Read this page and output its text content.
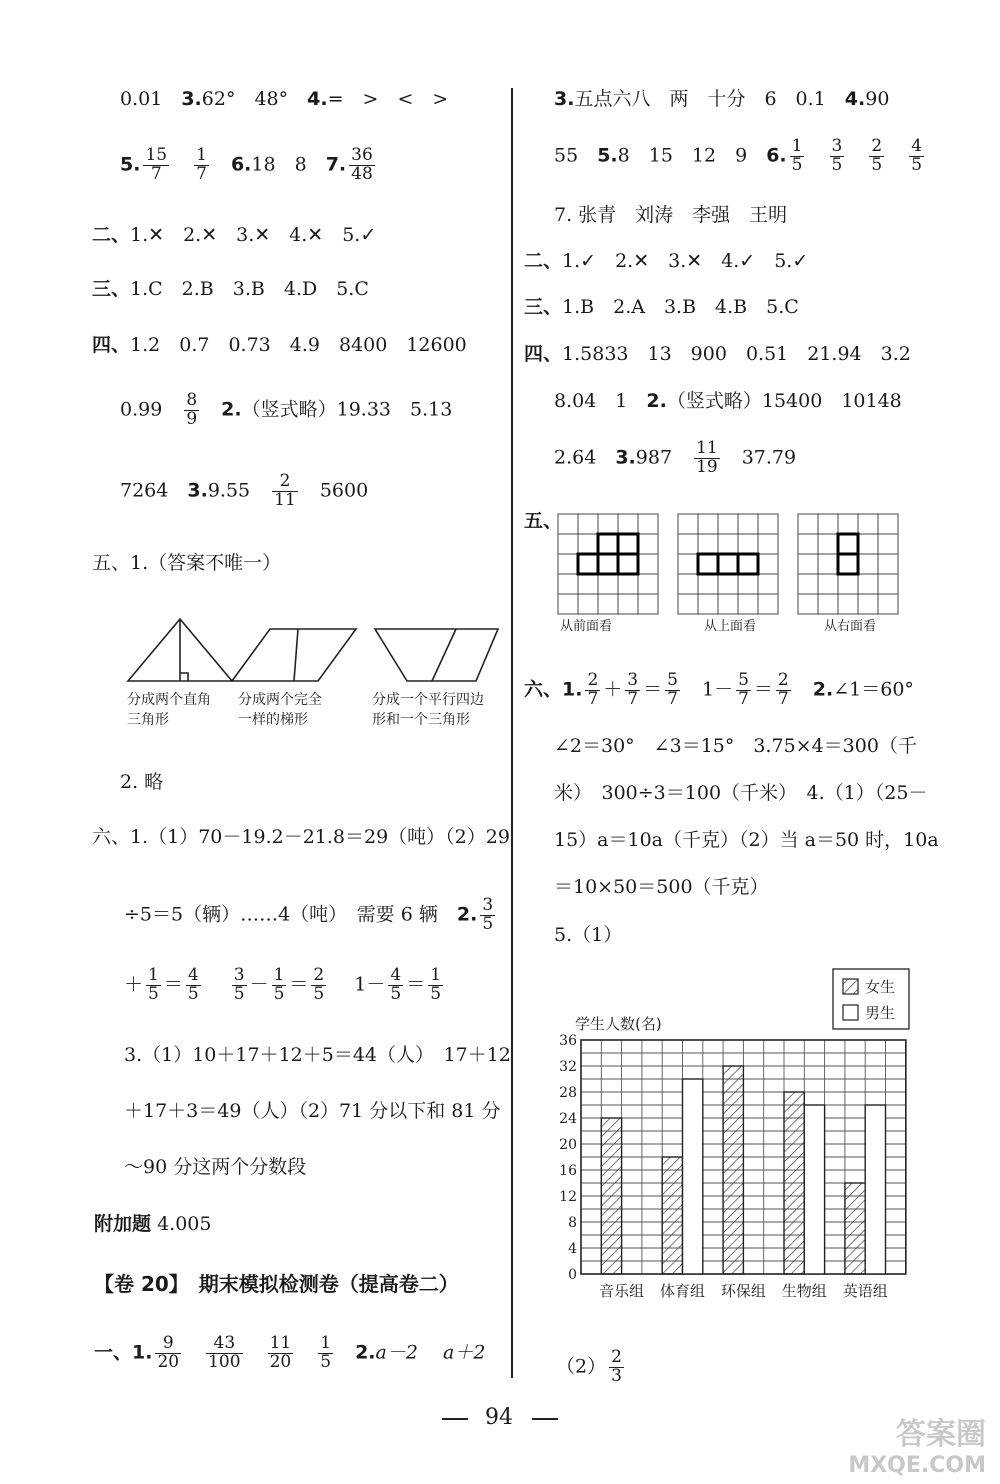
0.01　 3.62°　48°　 4.=　>　<　>
5. $\frac{15}{7}$
　 $\frac{1}{7}$
　 6.18　8　 7. $\frac{36}{48}$
二、1.✕　2.✕　3.✕　4.✕　5.✓
三、1.C　2.B　3.B　4.D　5.C
四、1.2　0.7　0.73　4.9　8400　12600
0.99　 $\frac{8}{9}$
　 2.（竖式略）19.33　5.13
7264　 3.9.55　 $\frac{2}{11}$
　 5600
五、1.（答案不唯一）
分成两个直角
三角形
分成两个完全
一样的梯形
分成一个平行四边
形和一个三角形
2. 略
六、1.（1）70－19.2－21.8＝29（吨）（2）29
÷5＝5（辆）……4（吨）　需要 6 辆　 2. $\frac{3}{5}$
＋ $\frac{1}{5} = \frac{4}{5}$
　 $\frac{3}{5} - \frac{1}{5} = \frac{2}{5}$
　 $1- \frac{4}{5} = \frac{1}{5}$
3.（1）10＋17＋12＋5＝44（人）　17＋12
＋17＋3＝49（人）（2）71 分以下和 81 分
～90 分这两个分数段
附加题 4.005
【卷 20】　期末模拟检测卷（提高卷二）
一、1. $\frac{9}{20}$
　 $\frac{43}{100}$
　 $\frac{11}{20}$
　 $\frac{1}{5}$
　 2.a－2　 a＋2
3.五点六八　两　十分　6　0.1　 4.90
55　 5.8　15　12　9　 6. $\frac{1}{5}$
　 $\frac{3}{5}$
　 $\frac{2}{5}$
　 $\frac{4}{5}$
7. 张青　刘涛　李强　王明
二、1.✓　2.✕　3.✕　4.✓　5.✓
三、1.B　2.A　3.B　4.B　5.C
四、1.5833　13　900　0.51　21.94　3.2
8.04　1　 2.（竖式略）15400　10148
2.64　 3.987　 $\frac{11}{19}$
　 37.79
五、
从前面看	从上面看	从右面看
六、1. $\frac{2}{7} + \frac{3}{7} = \frac{5}{7}$
　 $1- \frac{5}{7} = \frac{2}{7}$
　 2.∠1＝60°
∠2＝30°　∠3＝15°　3.75×4＝300（千
米）　300÷3＝100（千米）　4.（1）（25－
15）a＝10a（千克）（2）当 a＝50 时，10a
＝10×50＝500（千克）
5.（1）
0
4
8
12
16
20
24
28
32
36
学生人数(名)
音乐组 体育组 环保组 生物组 英语组
女生
男生
$(2) \frac{2}{3}$
94	答案圈
MXQE.COM
